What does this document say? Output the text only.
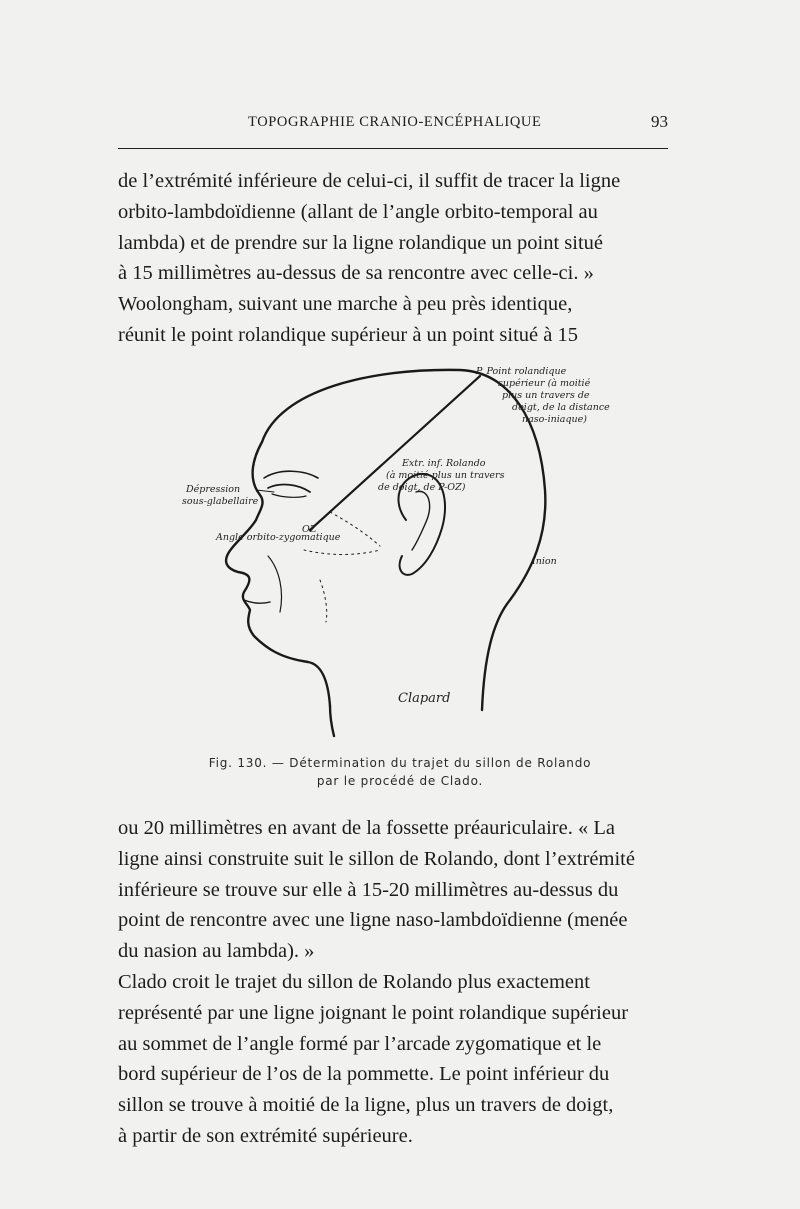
TOPOGRAPHIE CRANIO-ENCÉPHALIQUE	93
de l’extrémité inférieure de celui-ci, il suffit de tracer la ligne
orbito-lambdoïdienne (allant de l’angle orbito-temporal au
lambda) et de prendre sur la ligne rolandique un point situé
à 15 millimètres au-dessus de sa rencontre avec celle-ci. »
Woolongham, suivant une marche à peu près identique,
réunit le point rolandique supérieur à un point situé à 15
P. Point rolandique
supérieur (à moitié
plus un travers de
doigt, de la distance
naso-iniaque)
Extr. inf. Rolando
(à moitié plus un travers
de doigt, de P-OZ)
Dépression
sous-glabellaire
Angle orbito-zygomatique
OZ
Inion
Clapard
Fig. 130. — Détermination du trajet du sillon de Rolando
par le procédé de Clado.
ou 20 millimètres en avant de la fossette préauriculaire. « La
ligne ainsi construite suit le sillon de Rolando, dont l’extrémité
inférieure se trouve sur elle à 15-20 millimètres au-dessus du
point de rencontre avec une ligne naso-lambdoïdienne (menée
du nasion au lambda). »
Clado croit le trajet du sillon de Rolando plus exactement
représenté par une ligne joignant le point rolandique supérieur
au sommet de l’angle formé par l’arcade zygomatique et le
bord supérieur de l’os de la pommette. Le point inférieur du
sillon se trouve à moitié de la ligne, plus un travers de doigt,
à partir de son extrémité supérieure.
